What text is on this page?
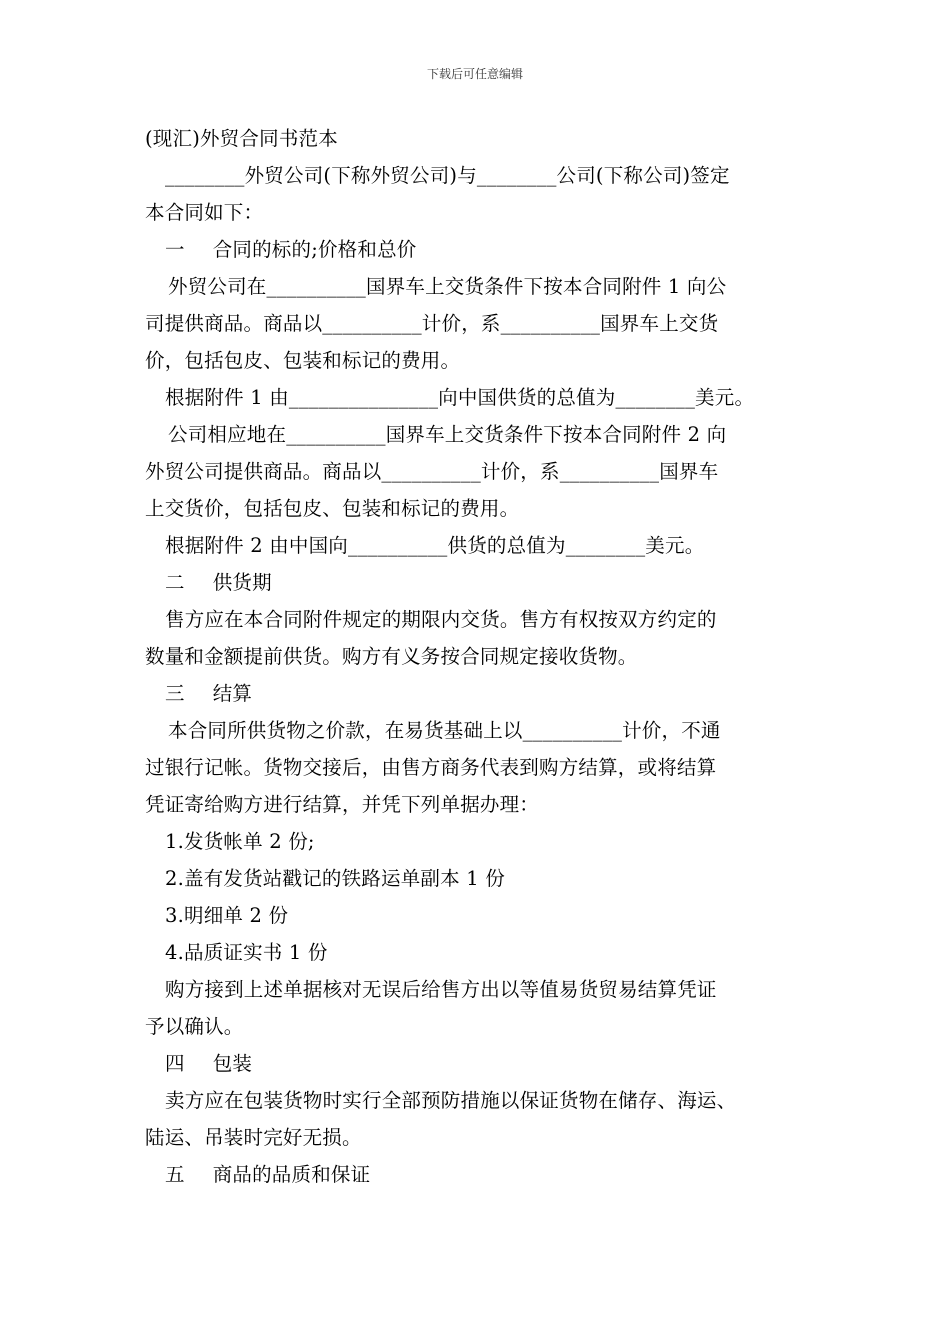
下载后可任意编辑
(现汇)外贸合同书范本
________外贸公司(下称外贸公司)与________公司(下称公司)签定
本合同如下：
一 合同的标的;价格和总价
外贸公司在__________国界车上交货条件下按本合同附件 1 向公
司提供商品。商品以__________计价，系__________国界车上交货
价，包括包皮、包装和标记的费用。
根据附件 1 由_______________向中国供货的总值为________美元。
公司相应地在__________国界车上交货条件下按本合同附件 2 向
外贸公司提供商品。商品以__________计价，系__________国界车
上交货价，包括包皮、包装和标记的费用。
根据附件 2 由中国向__________供货的总值为________美元。
二 供货期
售方应在本合同附件规定的期限内交货。售方有权按双方约定的
数量和金额提前供货。购方有义务按合同规定接收货物。
三 结算
本合同所供货物之价款，在易货基础上以__________计价，不通
过银行记帐。货物交接后，由售方商务代表到购方结算，或将结算
凭证寄给购方进行结算，并凭下列单据办理：
1.发货帐单 2 份;
2.盖有发货站戳记的铁路运单副本 1 份
3.明细单 2 份
4.品质证实书 1 份
购方接到上述单据核对无误后给售方出以等值易货贸易结算凭证
予以确认。
四 包装
卖方应在包装货物时实行全部预防措施以保证货物在储存、海运、
陆运、吊装时完好无损。
五 商品的品质和保证
